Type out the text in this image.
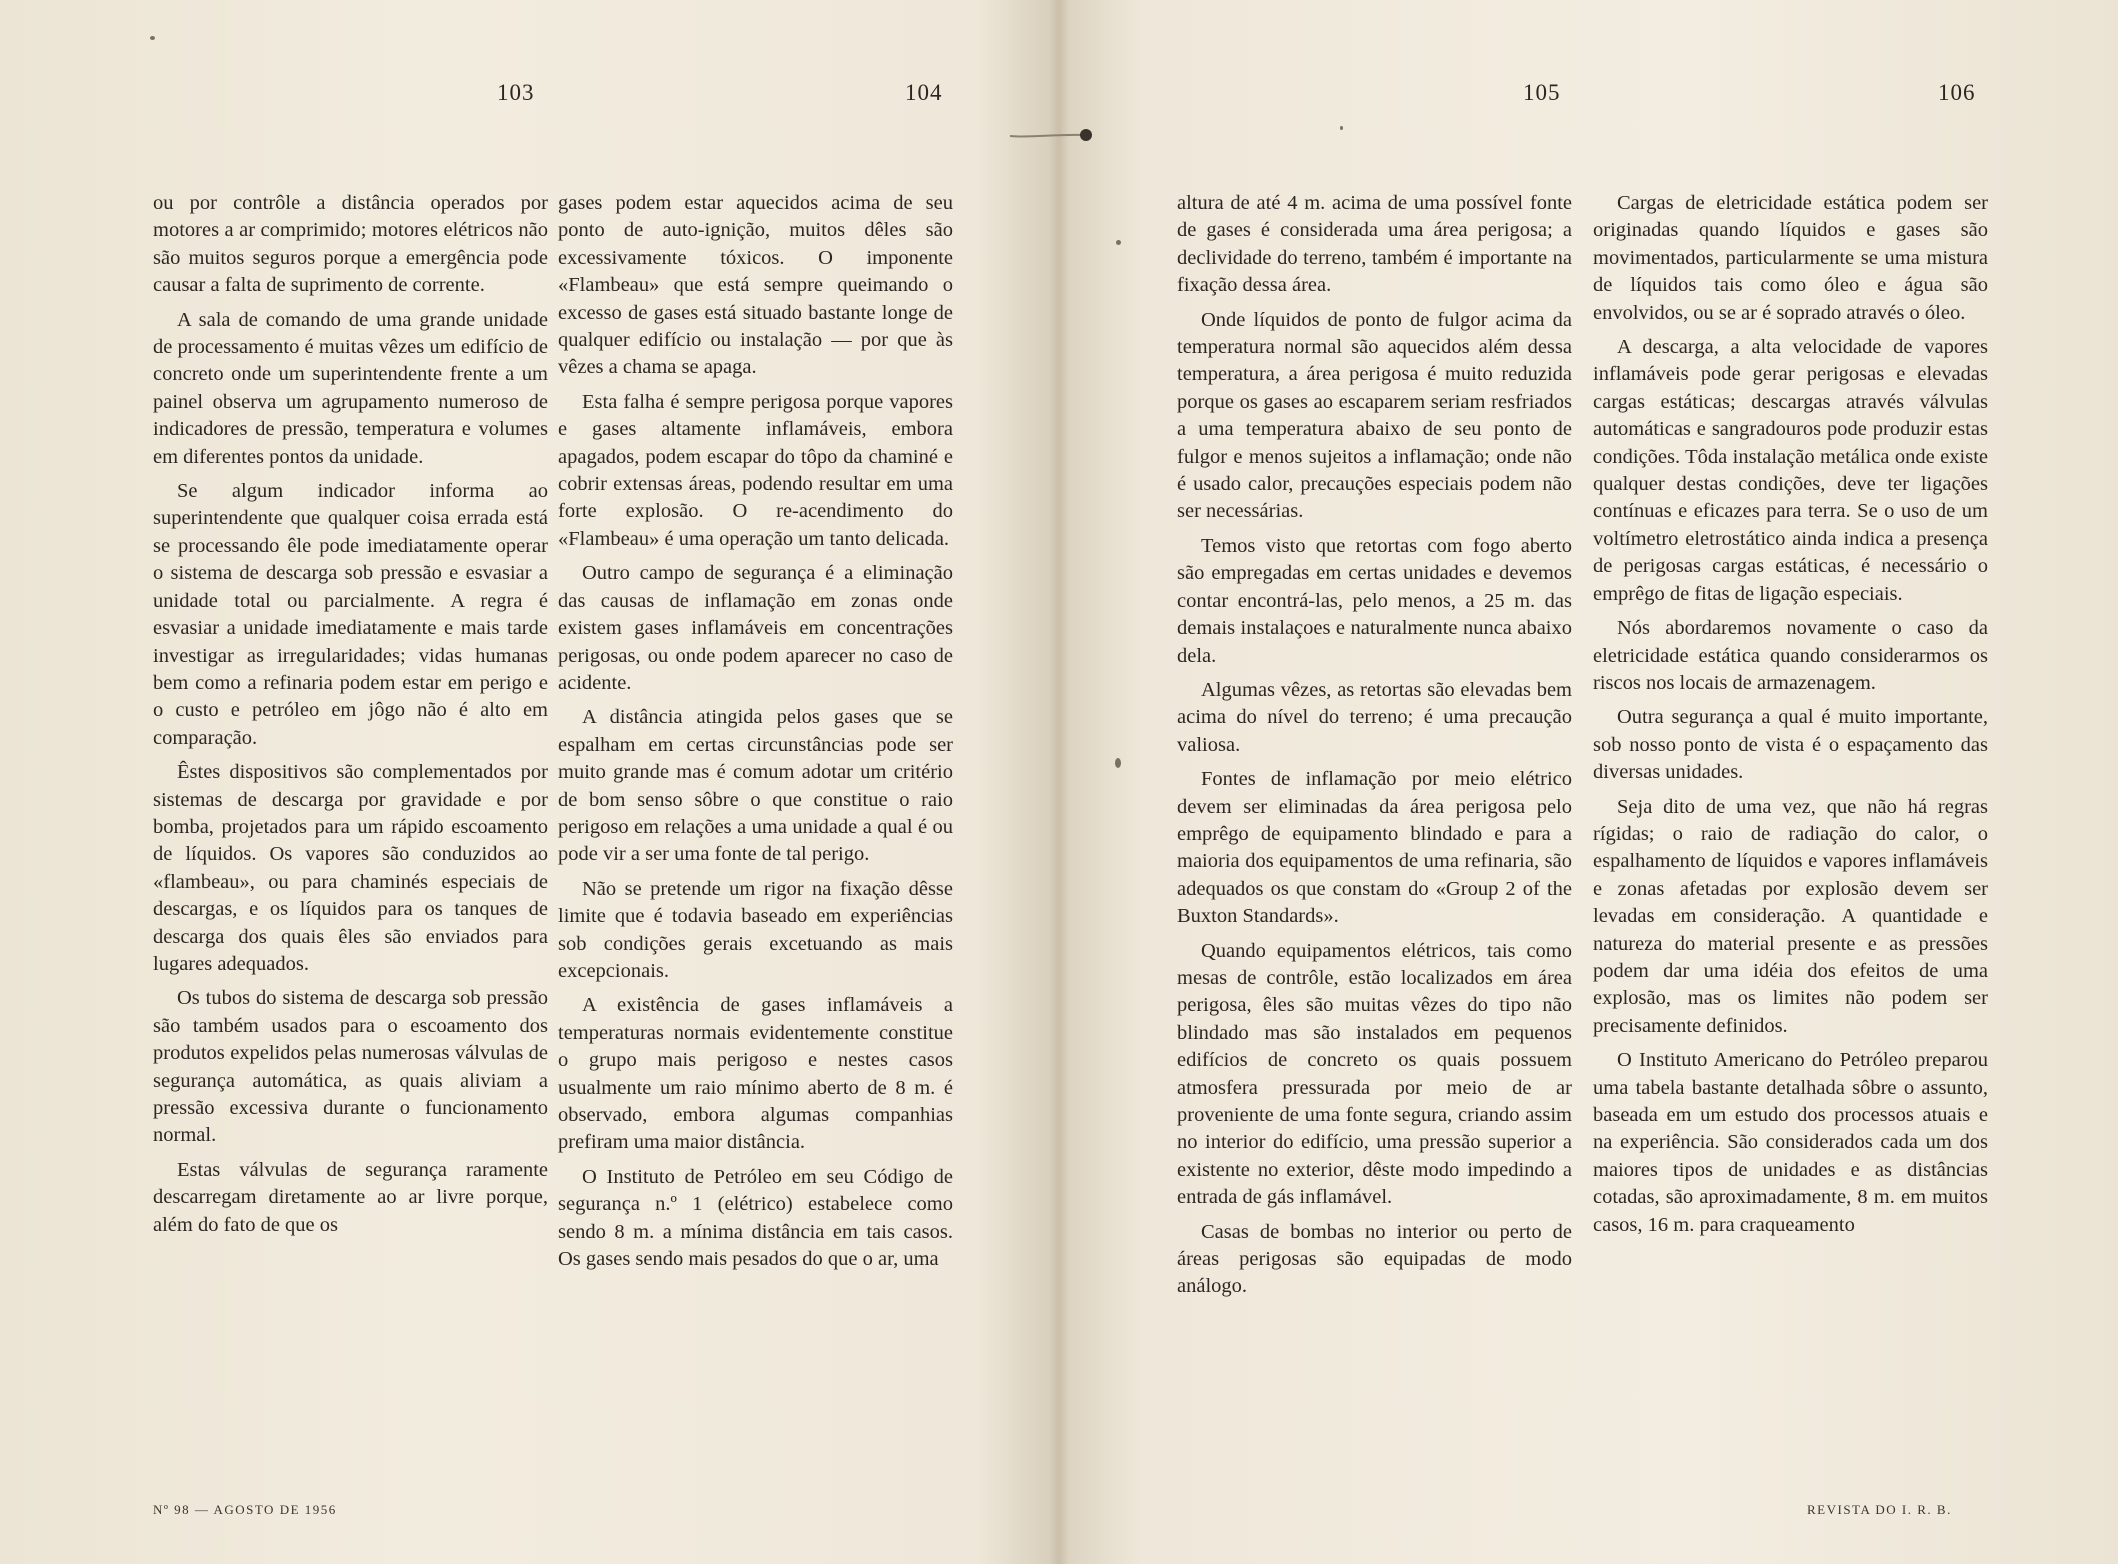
103	104

ou por contrôle a distância operados por motores a ar comprimido; motores elétricos não são muitos seguros porque a emergência pode causar a falta de suprimento de corrente.

A sala de comando de uma grande unidade de processamento é muitas vêzes um edifício de concreto onde um superintendente frente a um painel observa um agrupamento numeroso de indicadores de pressão, temperatura e volumes em diferentes pontos da unidade.

Se algum indicador informa ao superintendente que qualquer coisa errada está se processando êle pode imediatamente operar o sistema de descarga sob pressão e esvasiar a unidade total ou parcialmente. A regra é esvasiar a unidade imediatamente e mais tarde investigar as irregularidades; vidas humanas bem como a refinaria podem estar em perigo e o custo e petróleo em jôgo não é alto em comparação.

Êstes dispositivos são complementados por sistemas de descarga por gravidade e por bomba, projetados para um rápido escoamento de líquidos. Os vapores são conduzidos ao «flambeau», ou para chaminés especiais de descargas, e os líquidos para os tanques de descarga dos quais êles são enviados para lugares adequados.

Os tubos do sistema de descarga sob pressão são também usados para o escoamento dos produtos expelidos pelas numerosas válvulas de segurança automática, as quais aliviam a pressão excessiva durante o funcionamento normal.

Estas válvulas de segurança raramente descarregam diretamente ao ar livre porque, além do fato de que os

gases podem estar aquecidos acima de seu ponto de auto-ignição, muitos dêles são excessivamente tóxicos. O imponente «Flambeau» que está sempre queimando o excesso de gases está situado bastante longe de qualquer edifício ou instalação — por que às vêzes a chama se apaga.

Esta falha é sempre perigosa porque vapores e gases altamente inflamáveis, embora apagados, podem escapar do tôpo da chaminé e cobrir extensas áreas, podendo resultar em uma forte explosão. O re-acendimento do «Flambeau» é uma operação um tanto delicada.

Outro campo de segurança é a eliminação das causas de inflamação em zonas onde existem gases inflamáveis em concentrações perigosas, ou onde podem aparecer no caso de acidente.

A distância atingida pelos gases que se espalham em certas circunstâncias pode ser muito grande mas é comum adotar um critério de bom senso sôbre o que constitue o raio perigoso em relações a uma unidade a qual é ou pode vir a ser uma fonte de tal perigo.

Não se pretende um rigor na fixação dêsse limite que é todavia baseado em experiências sob condições gerais excetuando as mais excepcionais.

A existência de gases inflamáveis a temperaturas normais evidentemente constitue o grupo mais perigoso e nestes casos usualmente um raio mínimo aberto de 8 m. é observado, embora algumas companhias prefiram uma maior distância.

O Instituto de Petróleo em seu Código de segurança n.º 1 (elétrico) estabelece como sendo 8 m. a mínima distância em tais casos. Os gases sendo mais pesados do que o ar, uma

Nº 98 — AGOSTO DE 1956
105	106

altura de até 4 m. acima de uma possível fonte de gases é considerada uma área perigosa; a declividade do terreno, também é importante na fixação dessa área.

Onde líquidos de ponto de fulgor acima da temperatura normal são aquecidos além dessa temperatura, a área perigosa é muito reduzida porque os gases ao escaparem seriam resfriados a uma temperatura abaixo de seu ponto de fulgor e menos sujeitos a inflamação; onde não é usado calor, precauções especiais podem não ser necessárias.

Temos visto que retortas com fogo aberto são empregadas em certas unidades e devemos contar encontrá-las, pelo menos, a 25 m. das demais instalaçoes e naturalmente nunca abaixo dela.

Algumas vêzes, as retortas são elevadas bem acima do nível do terreno; é uma precaução valiosa.

Fontes de inflamação por meio elétrico devem ser eliminadas da área perigosa pelo emprêgo de equipamento blindado e para a maioria dos equipamentos de uma refinaria, são adequados os que constam do «Group 2 of the Buxton Standards».

Quando equipamentos elétricos, tais como mesas de contrôle, estão localizados em área perigosa, êles são muitas vêzes do tipo não blindado mas são instalados em pequenos edifícios de concreto os quais possuem atmosfera pressurada por meio de ar proveniente de uma fonte segura, criando assim no interior do edifício, uma pressão superior a existente no exterior, dêste modo impedindo a entrada de gás inflamável.

Casas de bombas no interior ou perto de áreas perigosas são equipadas de modo análogo.

Cargas de eletricidade estática podem ser originadas quando líquidos e gases são movimentados, particularmente se uma mistura de líquidos tais como óleo e água são envolvidos, ou se ar é soprado através o óleo.

A descarga, a alta velocidade de vapores inflamáveis pode gerar perigosas e elevadas cargas estáticas; descargas através válvulas automáticas e sangradouros pode produzir estas condições. Tôda instalação metálica onde existe qualquer destas condições, deve ter ligações contínuas e eficazes para terra. Se o uso de um voltímetro eletrostático ainda indica a presença de perigosas cargas estáticas, é necessário o emprêgo de fitas de ligação especiais.

Nós abordaremos novamente o caso da eletricidade estática quando considerarmos os riscos nos locais de armazenagem.

Outra segurança a qual é muito importante, sob nosso ponto de vista é o espaçamento das diversas unidades.

Seja dito de uma vez, que não há regras rígidas; o raio de radiação do calor, o espalhamento de líquidos e vapores inflamáveis e zonas afetadas por explosão devem ser levadas em consideração. A quantidade e natureza do material presente e as pressões podem dar uma idéia dos efeitos de uma explosão, mas os limites não podem ser precisamente definidos.

O Instituto Americano do Petróleo preparou uma tabela bastante detalhada sôbre o assunto, baseada em um estudo dos processos atuais e na experiência. São considerados cada um dos maiores tipos de unidades e as distâncias cotadas, são aproximadamente, 8 m. em muitos casos, 16 m. para craqueamento

REVISTA DO I. R. B.
